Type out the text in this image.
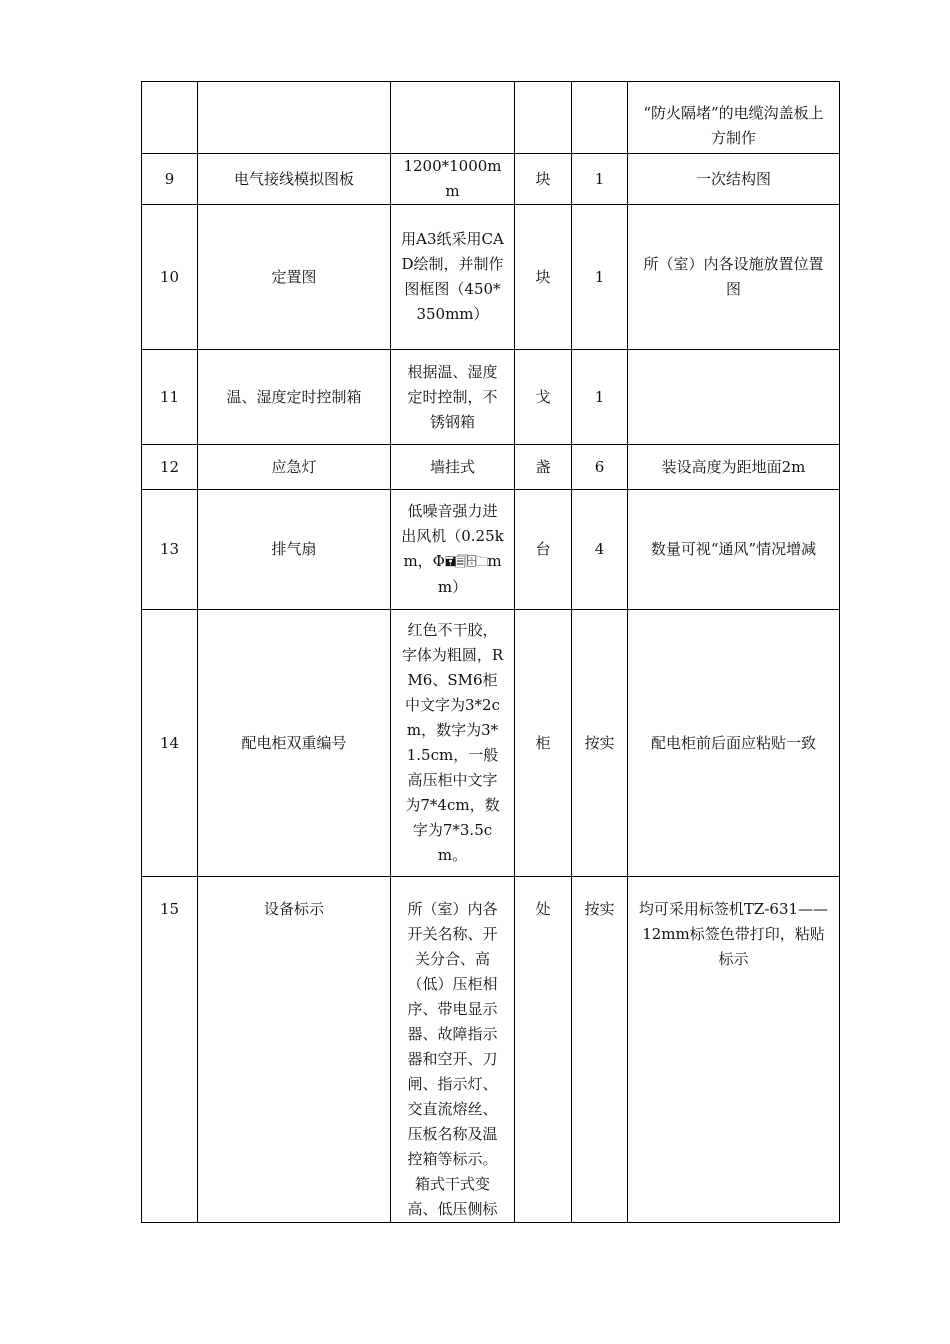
					“防火隔堵”的电缆沟盖板上方制作
9	电气接线模拟图板	1200*1000mm	块	1	一次结构图
10	定置图	用A3纸采用CAD绘制，并制作图框图（450*350mm）	块	1	所（室）内各设施放置位置图
11	温、湿度定时控制箱	根据温、湿度定时控制，不锈钢箱	戈	1	
12	应急灯	墙挂式	盏	6	装设高度为距地面2m
13	排气扇	低噪音强力进出风机（0.25km，Φ🖬🗐🗄🗀mm）	台	4	数量可视“通风”情况增减
14	配电柜双重编号	红色不干胶，字体为粗圆，RM6、SM6柜中文字为3*2cm，数字为3*1.5cm，一般高压柜中文字为7*4cm，数字为7*3.5cm。	柜	按实	配电柜前后面应粘贴一致
15	设备标示	所（室）内各开关名称、开关分合、高（低）压柜相序、带电显示器、故障指示器和空开、刀闸、指示灯、交直流熔丝、压板名称及温控箱等标示。箱式干式变高、低压侧标	处	按实	均可采用标签机TZ-631——12mm标签色带打印，粘贴标示
